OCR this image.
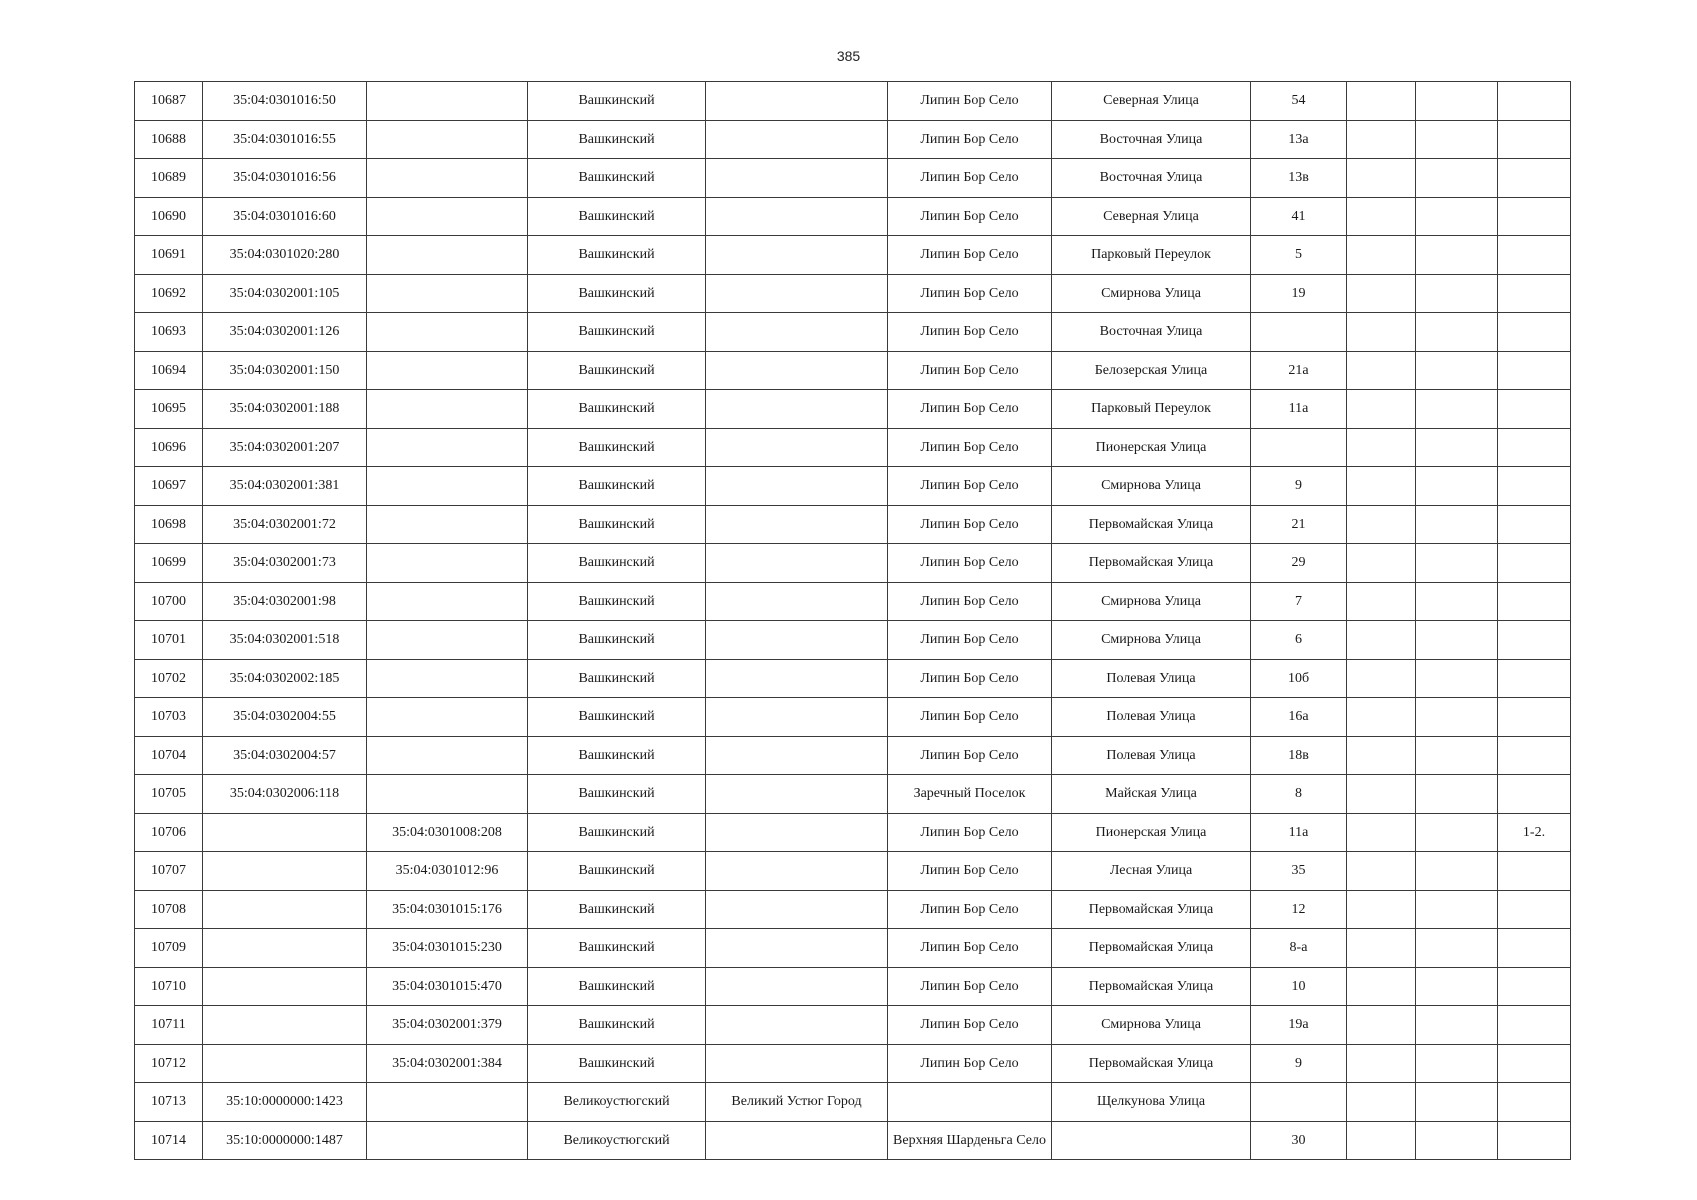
385
10687	35:04:0301016:50		Вашкинский		Липин Бор Село	Северная Улица	54			
10688	35:04:0301016:55		Вашкинский		Липин Бор Село	Восточная Улица	13а			
10689	35:04:0301016:56		Вашкинский		Липин Бор Село	Восточная Улица	13в			
10690	35:04:0301016:60		Вашкинский		Липин Бор Село	Северная Улица	41			
10691	35:04:0301020:280		Вашкинский		Липин Бор Село	Парковый Переулок	5			
10692	35:04:0302001:105		Вашкинский		Липин Бор Село	Смирнова Улица	19			
10693	35:04:0302001:126		Вашкинский		Липин Бор Село	Восточная Улица				
10694	35:04:0302001:150		Вашкинский		Липин Бор Село	Белозерская Улица	21а			
10695	35:04:0302001:188		Вашкинский		Липин Бор Село	Парковый Переулок	11а			
10696	35:04:0302001:207		Вашкинский		Липин Бор Село	Пионерская Улица				
10697	35:04:0302001:381		Вашкинский		Липин Бор Село	Смирнова Улица	9			
10698	35:04:0302001:72		Вашкинский		Липин Бор Село	Первомайская Улица	21			
10699	35:04:0302001:73		Вашкинский		Липин Бор Село	Первомайская Улица	29			
10700	35:04:0302001:98		Вашкинский		Липин Бор Село	Смирнова Улица	7			
10701	35:04:0302001:518		Вашкинский		Липин Бор Село	Смирнова Улица	6			
10702	35:04:0302002:185		Вашкинский		Липин Бор Село	Полевая Улица	10б			
10703	35:04:0302004:55		Вашкинский		Липин Бор Село	Полевая Улица	16а			
10704	35:04:0302004:57		Вашкинский		Липин Бор Село	Полевая Улица	18в			
10705	35:04:0302006:118		Вашкинский		Заречный Поселок	Майская Улица	8			
10706		35:04:0301008:208	Вашкинский		Липин Бор Село	Пионерская Улица	11а			1-2.
10707		35:04:0301012:96	Вашкинский		Липин Бор Село	Лесная Улица	35			
10708		35:04:0301015:176	Вашкинский		Липин Бор Село	Первомайская Улица	12			
10709		35:04:0301015:230	Вашкинский		Липин Бор Село	Первомайская Улица	8-а			
10710		35:04:0301015:470	Вашкинский		Липин Бор Село	Первомайская Улица	10			
10711		35:04:0302001:379	Вашкинский		Липин Бор Село	Смирнова Улица	19а			
10712		35:04:0302001:384	Вашкинский		Липин Бор Село	Первомайская Улица	9			
10713	35:10:0000000:1423		Великоустюгский	Великий Устюг Город		Щелкунова Улица				
10714	35:10:0000000:1487		Великоустюгский		Верхняя Шарденьга Село		30			
